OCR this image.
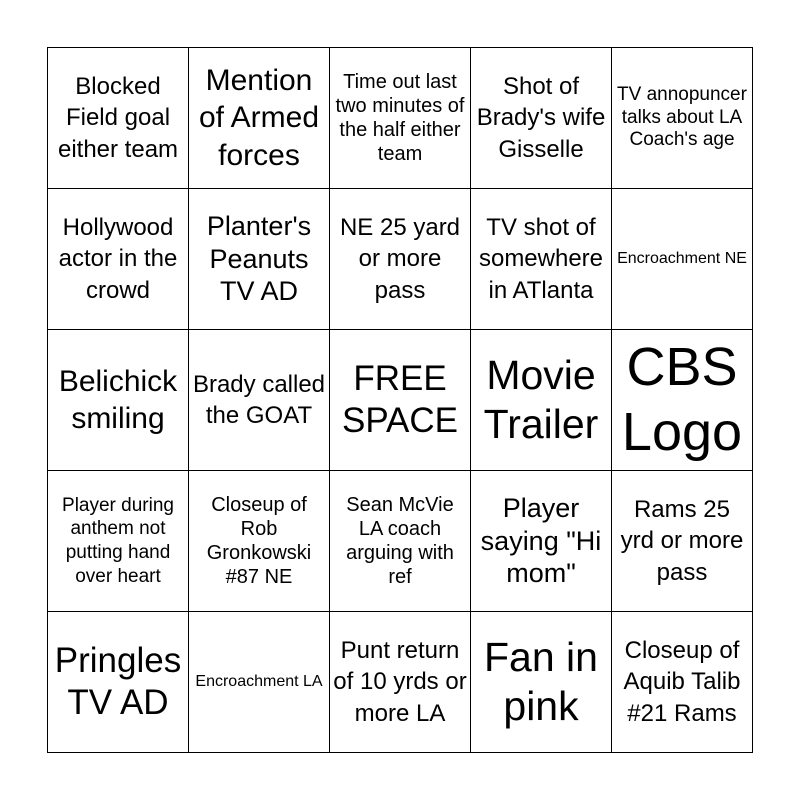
Blocked Field goal either team
Mention of Armed forces
Time out last two minutes of the half either team
Shot of Brady's wife Gisselle
TV annopuncer talks about LA Coach's age
Hollywood actor in the crowd
Planter's Peanuts TV AD
NE 25 yard or more pass
TV shot of somewhere in ATlanta
Encroachment NE
Belichick smiling
Brady called the GOAT
FREE SPACE
Movie Trailer
CBS Logo
Player during anthem not putting hand over heart
Closeup of Rob Gronkowski #87 NE
Sean McVie LA coach arguing with ref
Player saying "Hi mom"
Rams 25 yrd or more pass
Pringles TV AD
Encroachment LA
Punt return of 10 yrds or more LA
Fan in pink
Closeup of Aquib Talib #21 Rams
